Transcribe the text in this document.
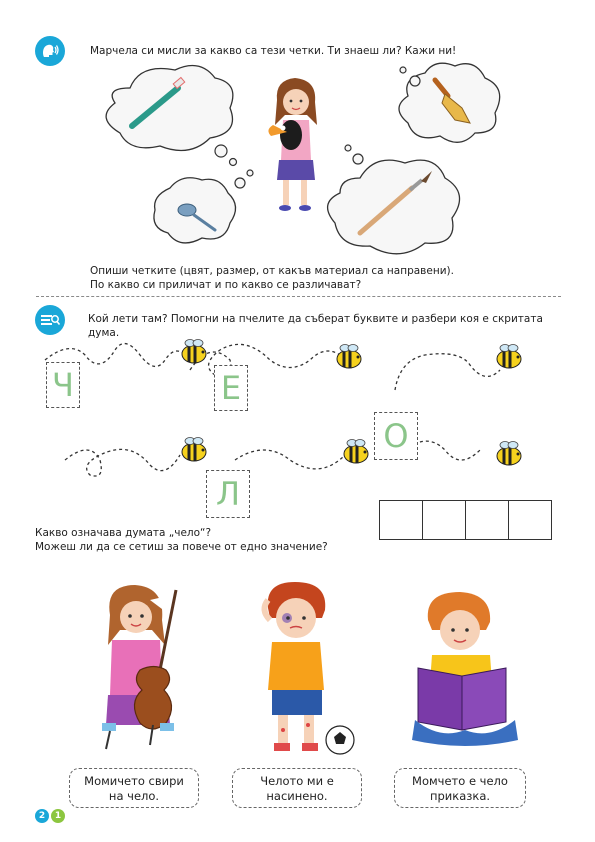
Марчела си мисли за какво са тези четки. Ти знаеш ли? Кажи ни!
Опиши четките (цвят, размер, от какъв материал са направени).
По какво си приличат и по какво се различават?
Кой лети там? Помогни на пчелите да съберат буквите и разбери коя е скритата дума.
Ч	Е
О
Л
Какво означава думата „чело“?
Можеш ли да се сетиш за повече от едно значение?
Момичето свири
на чело.
Челото ми е
насинено.
Момчето е чело
приказка.
2	1
